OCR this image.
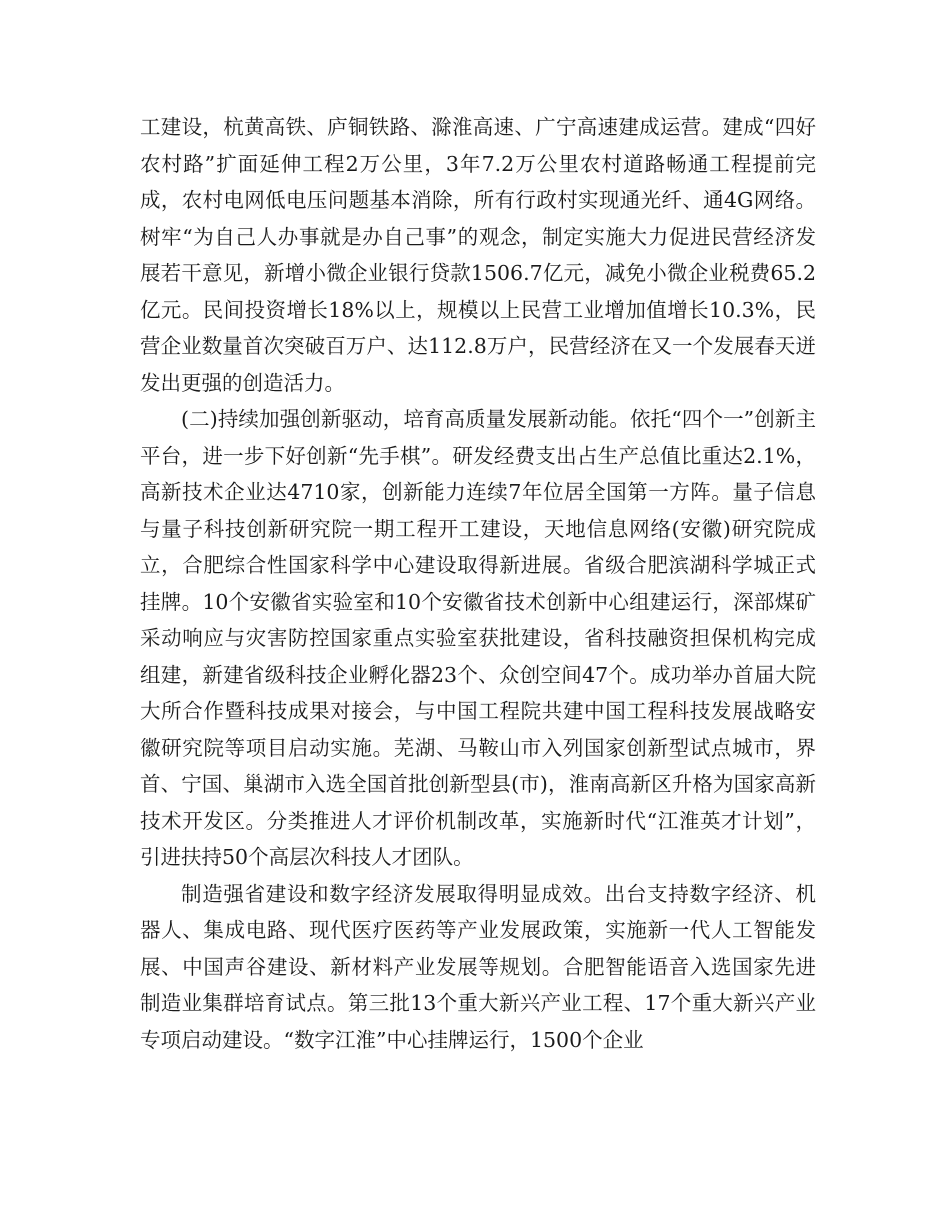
工建设，杭黄高铁、庐铜铁路、滁淮高速、广宁高速建成运营。建成“四好农村路”扩面延伸工程2万公里，3年7.2万公里农村道路畅通工程提前完成，农村电网低电压问题基本消除，所有行政村实现通光纤、通4G网络。树牢“为自己人办事就是办自己事”的观念，制定实施大力促进民营经济发展若干意见，新增小微企业银行贷款1506.7亿元，减免小微企业税费65.2亿元。民间投资增长18%以上，规模以上民营工业增加值增长10.3%，民营企业数量首次突破百万户、达112.8万户，民营经济在又一个发展春天迸发出更强的创造活力。

(二)持续加强创新驱动，培育高质量发展新动能。依托“四个一”创新主平台，进一步下好创新“先手棋”。研发经费支出占生产总值比重达2.1%，高新技术企业达4710家，创新能力连续7年位居全国第一方阵。量子信息与量子科技创新研究院一期工程开工建设，天地信息网络(安徽)研究院成立，合肥综合性国家科学中心建设取得新进展。省级合肥滨湖科学城正式挂牌。10个安徽省实验室和10个安徽省技术创新中心组建运行，深部煤矿采动响应与灾害防控国家重点实验室获批建设，省科技融资担保机构完成组建，新建省级科技企业孵化器23个、众创空间47个。成功举办首届大院大所合作暨科技成果对接会，与中国工程院共建中国工程科技发展战略安徽研究院等项目启动实施。芜湖、马鞍山市入列国家创新型试点城市，界首、宁国、巢湖市入选全国首批创新型县(市)，淮南高新区升格为国家高新技术开发区。分类推进人才评价机制改革，实施新时代“江淮英才计划”，引进扶持50个高层次科技人才团队。

制造强省建设和数字经济发展取得明显成效。出台支持数字经济、机器人、集成电路、现代医疗医药等产业发展政策，实施新一代人工智能发展、中国声谷建设、新材料产业发展等规划。合肥智能语音入选国家先进制造业集群培育试点。第三批13个重大新兴产业工程、17个重大新兴产业专项启动建设。“数字江淮”中心挂牌运行，1500个企业
